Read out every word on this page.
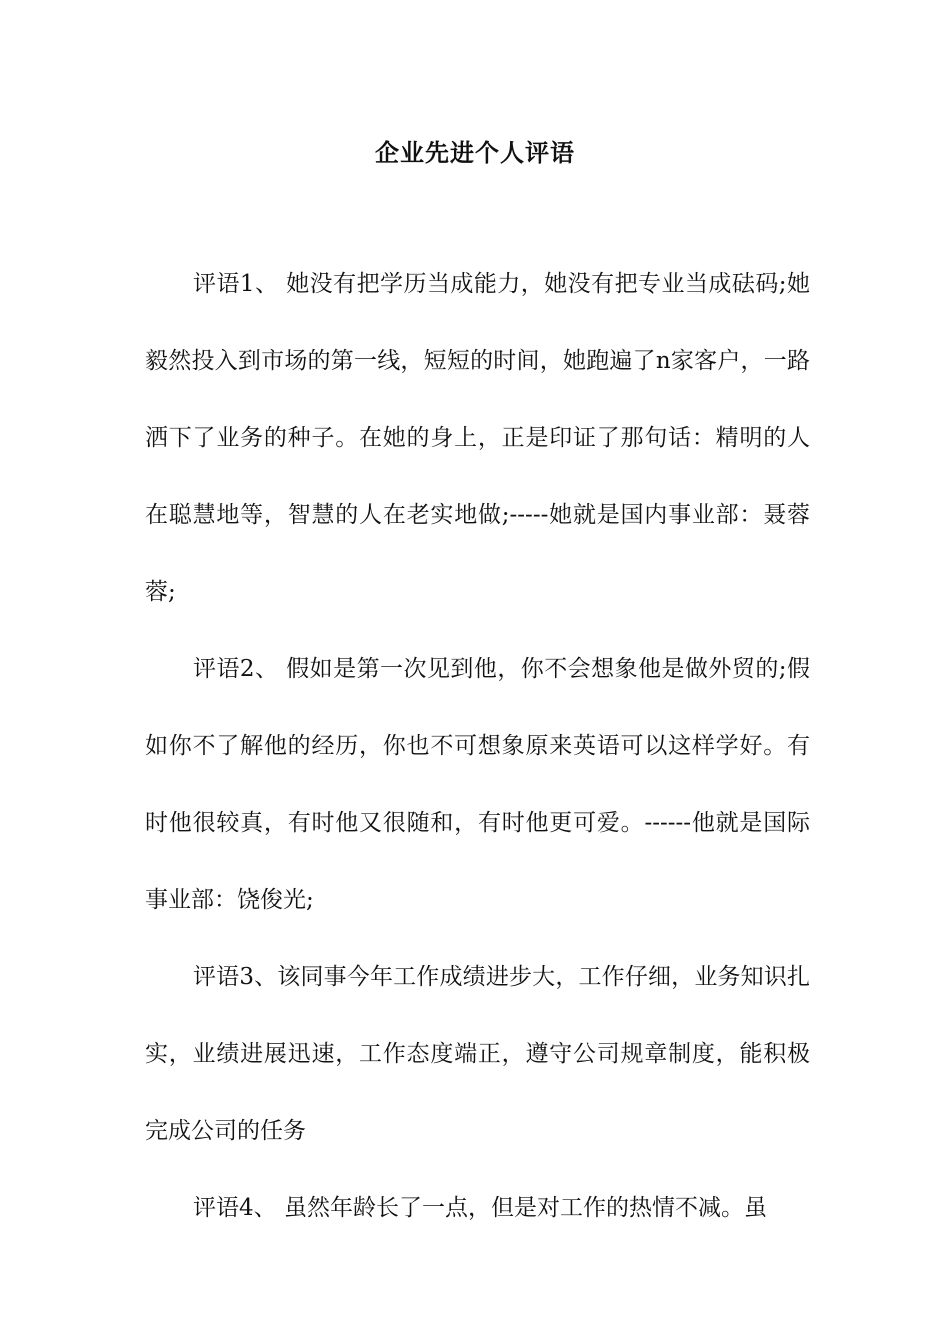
企业先进个人评语

评语1、 她没有把学历当成能力，她没有把专业当成砝码;她毅然投入到市场的第一线，短短的时间，她跑遍了n家客户，一路洒下了业务的种子。在她的身上，正是印证了那句话：精明的人在聪慧地等，智慧的人在老实地做;-----她就是国内事业部：聂蓉蓉;

评语2、 假如是第一次见到他，你不会想象他是做外贸的;假如你不了解他的经历，你也不可想象原来英语可以这样学好。有时他很较真，有时他又很随和，有时他更可爱。------他就是国际事业部：饶俊光;

评语3、该同事今年工作成绩进步大，工作仔细，业务知识扎实，业绩进展迅速，工作态度端正，遵守公司规章制度，能积极完成公司的任务

评语4、 虽然年龄长了一点，但是对工作的热情不减。虽
